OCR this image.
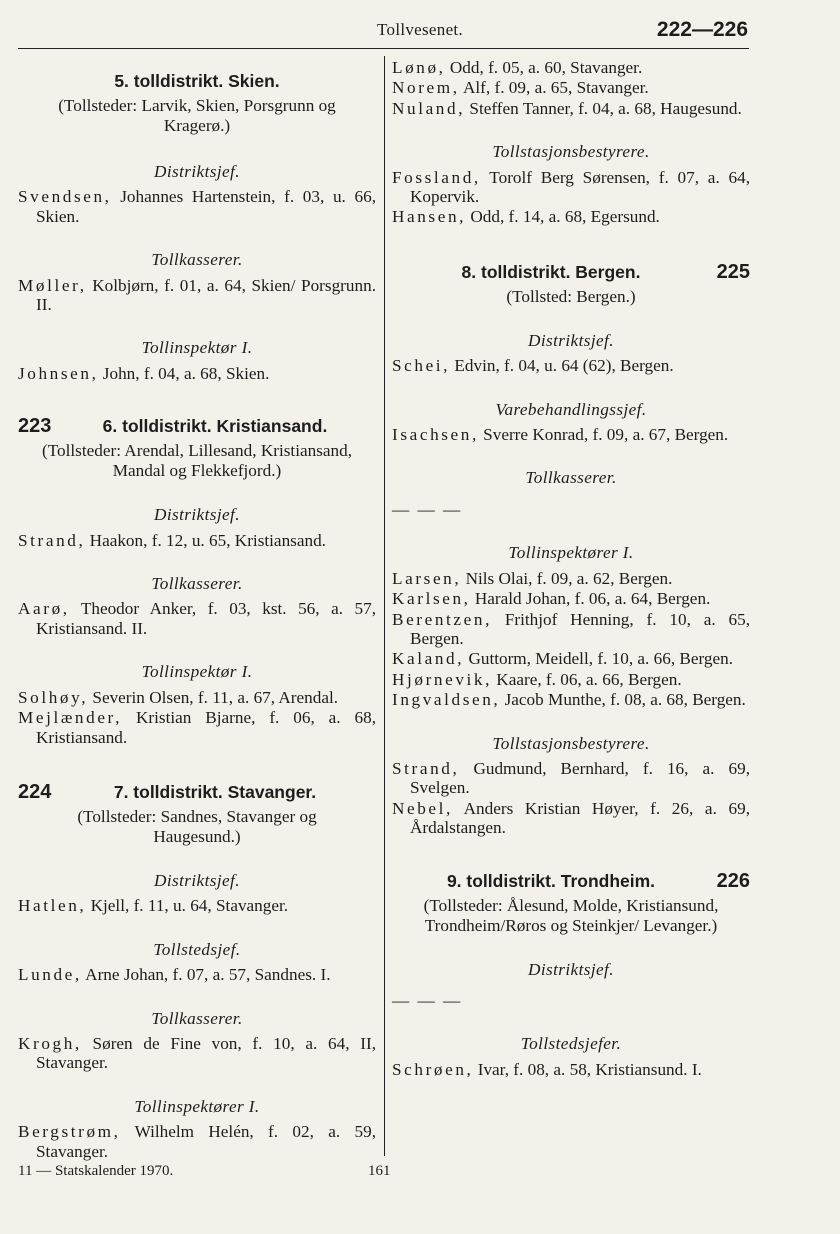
Tollvesenet.	222—226
5. tolldistrikt. Skien.
(Tollsteder: Larvik, Skien, Porsgrunn og Kragerø.)
Distriktsjef.

Svendsen, Johannes Hartenstein, f. 03, u. 66, Skien.

Tollkasserer.

Møller, Kolbjørn, f. 01, a. 64, Skien/ Porsgrunn. II.

Tollinspektør I.

Johnsen, John, f. 04, a. 68, Skien.

223	6. tolldistrikt. Kristiansand.
(Tollsteder: Arendal, Lillesand, Kristiansand, Mandal og Flekkefjord.)
Distriktsjef.

Strand, Haakon, f. 12, u. 65, Kristiansand.

Tollkasserer.

Aarø, Theodor Anker, f. 03, kst. 56, a. 57, Kristiansand. II.

Tollinspektør I.

Solhøy, Severin Olsen, f. 11, a. 67, Arendal.

Mejlænder, Kristian Bjarne, f. 06, a. 68, Kristiansand.

224	7. tolldistrikt. Stavanger.
(Tollsteder: Sandnes, Stavanger og Haugesund.)
Distriktsjef.

Hatlen, Kjell, f. 11, u. 64, Stavanger.

Tollstedsjef.

Lunde, Arne Johan, f. 07, a. 57, Sandnes. I.

Tollkasserer.

Krogh, Søren de Fine von, f. 10, a. 64, II, Stavanger.

Tollinspektører I.

Bergstrøm, Wilhelm Helén, f. 02, a. 59, Stavanger.

Lønø, Odd, f. 05, a. 60, Stavanger.

Norem, Alf, f. 09, a. 65, Stavanger.

Nuland, Steffen Tanner, f. 04, a. 68, Haugesund.

Tollstasjonsbestyrere.

Fossland, Torolf Berg Sørensen, f. 07, a. 64, Kopervik.

Hansen, Odd, f. 14, a. 68, Egersund.

8. tolldistrikt. Bergen.	225
(Tollsted: Bergen.)
Distriktsjef.

Schei, Edvin, f. 04, u. 64 (62), Bergen.

Varebehandlingssjef.

Isachsen, Sverre Konrad, f. 09, a. 67, Bergen.

Tollkasserer.

— — —

Tollinspektører I.

Larsen, Nils Olai, f. 09, a. 62, Bergen.

Karlsen, Harald Johan, f. 06, a. 64, Bergen.

Berentzen, Frithjof Henning, f. 10, a. 65, Bergen.

Kaland, Guttorm, Meidell, f. 10, a. 66, Bergen.

Hjørnevik, Kaare, f. 06, a. 66, Bergen.

Ingvaldsen, Jacob Munthe, f. 08, a. 68, Bergen.

Tollstasjonsbestyrere.

Strand, Gudmund, Bernhard, f. 16, a. 69, Svelgen.

Nebel, Anders Kristian Høyer, f. 26, a. 69, Årdalstangen.

9. tolldistrikt. Trondheim.	226
(Tollsteder: Ålesund, Molde, Kristiansund, Trondheim/Røros og Steinkjer/ Levanger.)
Distriktsjef.

— — —

Tollstedsjefer.

Schrøen, Ivar, f. 08, a. 58, Kristiansund. I.

11 — Statskalender 1970.	161
